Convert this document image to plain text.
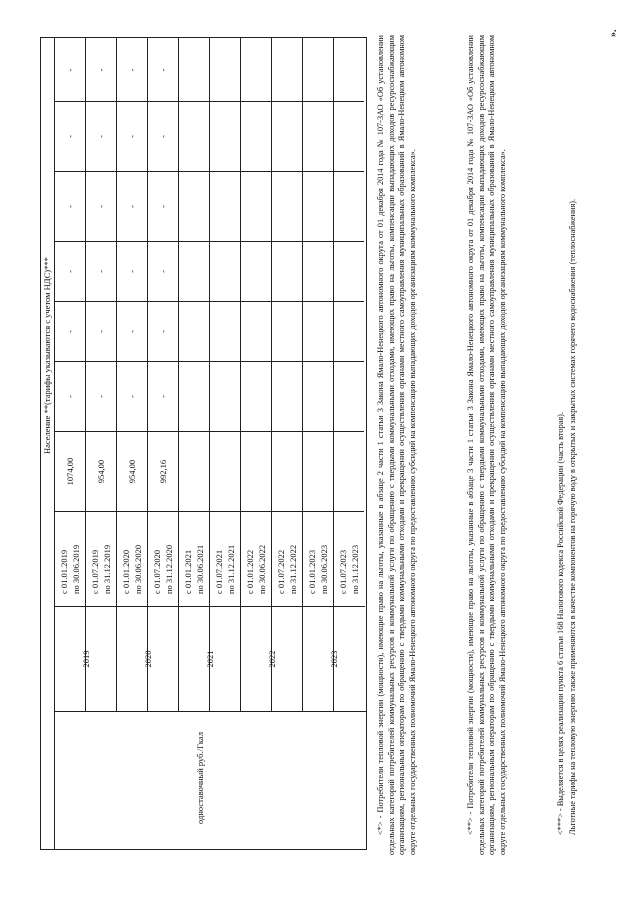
Население **(тарифы указываются с учетом НДС)***
одноставочный руб./Гкал
с 01.01.2019 по 30.06.2019
1074,00
-
-
-
-
-
-
2019
с 01.07.2019 по 31.12.2019
954,00
-
-
-
-
-
-
с 01.01.2020 по 30.06.2020
954,00
-
-
-
-
-
-
2020
с 01.07.2020 по 31.12.2020
992,16
-
-
-
-
-
-
с 01.01.2021 по 30.06.2021
2021
с 01.07.2021 по 31.12.2021 с 01.01.2022 по 30.06.2022
2022
с 01.07.2022 по 31.12.2022 с 01.01.2023 по 30.06.2023
2023
с 01.07.2023 по 31.12.2023 <*> - Потребители тепловой энергии (мощности), имеющие право на льготы, указанные в абзаце 2 части 1 статьи 3 Закона Ямало-Ненецкого автономного округа от 01 декабря 2014 года № 107-ЗАО «Об установлении отдельных категорий потребителей коммунальных ресурсов и коммунальной услуги по обращению с твердыми коммунальными отходами, имеющих право на льготы, компенсации выпадающих доходов ресурсоснабжающим организациям, региональным операторам по обращению с твердыми коммунальными отходами и прекращении осуществления органами местного самоуправления муниципальных образований в Ямало-Ненецком автономном округе отдельных государственных полномочий Ямало-Ненецкого автономного округа по предоставлению субсидий на компенсацию выпадающих доходов организациям коммунального комплекса».	<**> - Потребители тепловой энергии (мощности), имеющие право на льготы, указанные в абзаце 3 части 1 статьи 3 Закона Ямало-Ненецкого автономного округа от 01 декабря 2014 года № 107-ЗАО «Об установлении отдельных категорий потребителей коммунальных ресурсов и коммунальной услуги по обращению с твердыми коммунальными отходами, имеющих право на льготы, компенсации выпадающих доходов ресурсоснабжающим организациям, региональным операторам по обращению с твердыми коммунальными отходами и прекращении осуществления органами местного самоуправления муниципальных образований в Ямало-Ненецком автономном округе отдельных государственных полномочий Ямало-Ненецкого автономного округа по предоставлению субсидий на компенсацию выпадающих доходов организациям коммунального комплекса».	<***> - Выделяется в целях реализации пункта 6 статьи 168 Налогового кодекса Российской Федерации (часть вторая). Льготные тарифы на тепловую энергию также применяются в качестве компонентов на горячую воду в открытых и закрытых системах горячего водоснабжения (теплоснабжения).
».
